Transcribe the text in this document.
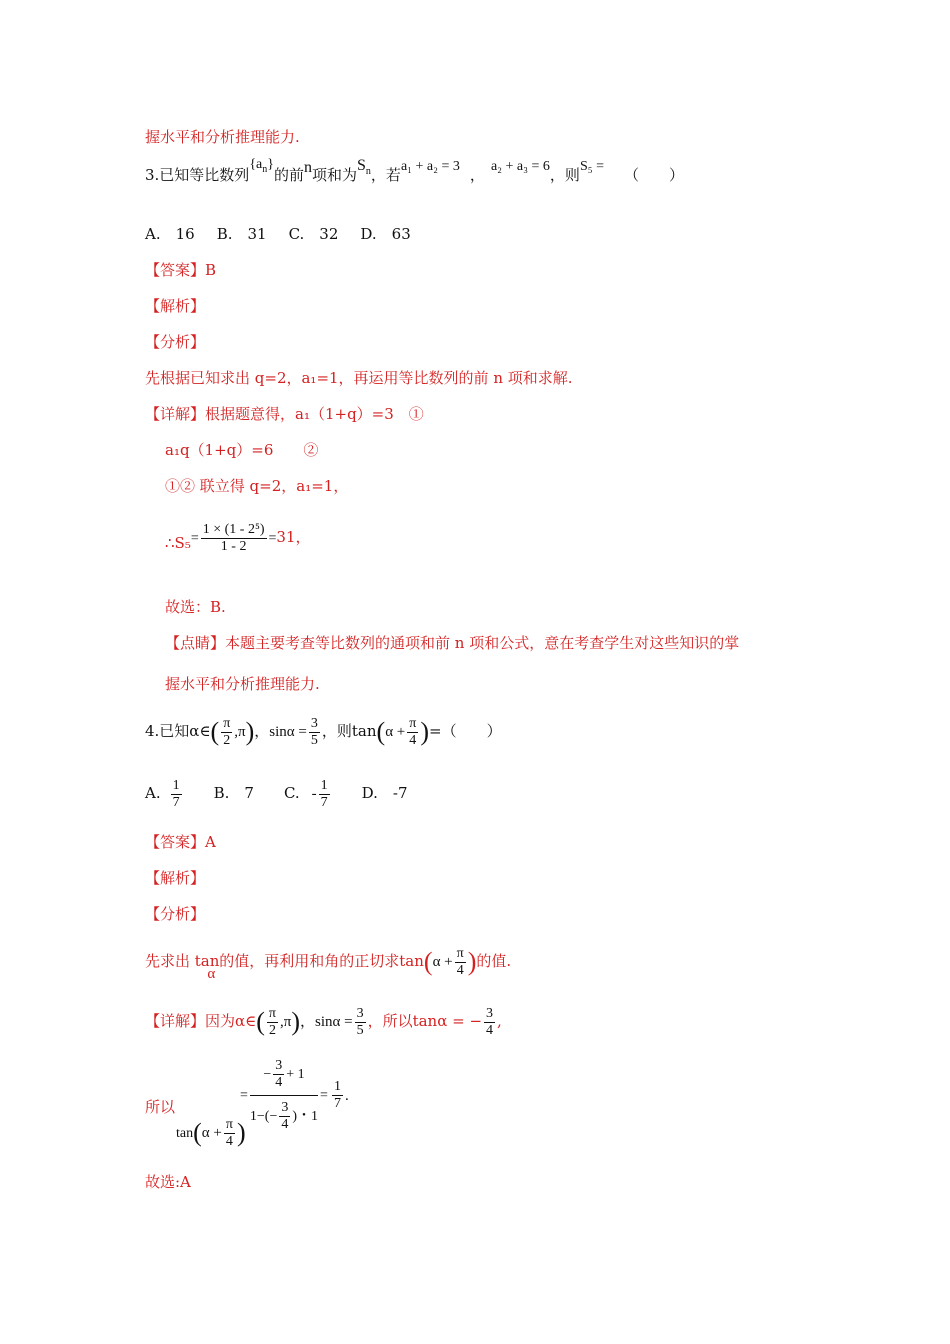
握水平和分析推理能力.
3.已知等比数列$\{a_n\}$的前n项和为$S_n$，若a₁ + a₂ = 3 ， a₂ + a₃ = 6，则S₅ = （　　）
A.　16 B.　31 C.　32 D.　63
【答案】B
【解析】
【分析】
先根据已知求出 q=2，a₁=1，再运用等比数列的前 n 项和求解.
【详解】根据题意得，a₁（1+q）=3　①
a₁q（1+q）=6　　②
①② 联立得 q=2，a₁=1，
∴S₅= $\frac{\text{1 × (1 - 2⁵)}}{1 - 2} =31$，
故选：B.
【点睛】本题主要考查等比数列的通项和前 n 项和公式，意在考查学生对这些知识的掌
握水平和分析推理能力.
4.已知α∈( $\frac{\pi}{2} ,\pi$)，$\sin\alpha = \frac{3}{5}$ ，则$\tan(\alpha + \frac{\pi}{4}$ )=（　　）
A. $\frac{1}{7} B$.　7 C. - $\frac{1}{7} D$.　-7
【答案】A
【解析】
【分析】
先求出 tanα的值，再利用和角的正切求$\tan(\alpha + \frac{\pi}{4}$ )的值.
【详解】因为α∈( $\frac{\pi}{2} ,\pi$)，$\sin\alpha = \frac{3}{5}$ ，所以tanα = − $\frac{3}{4}$ ,
所以
$\tan(\alpha + \frac{\pi}{4}$ )
=
− $\frac{3}{4} + 1$
$1-(- \frac{3}{4}$ )・1
= $\frac{1}{7}$ .
故选:A
